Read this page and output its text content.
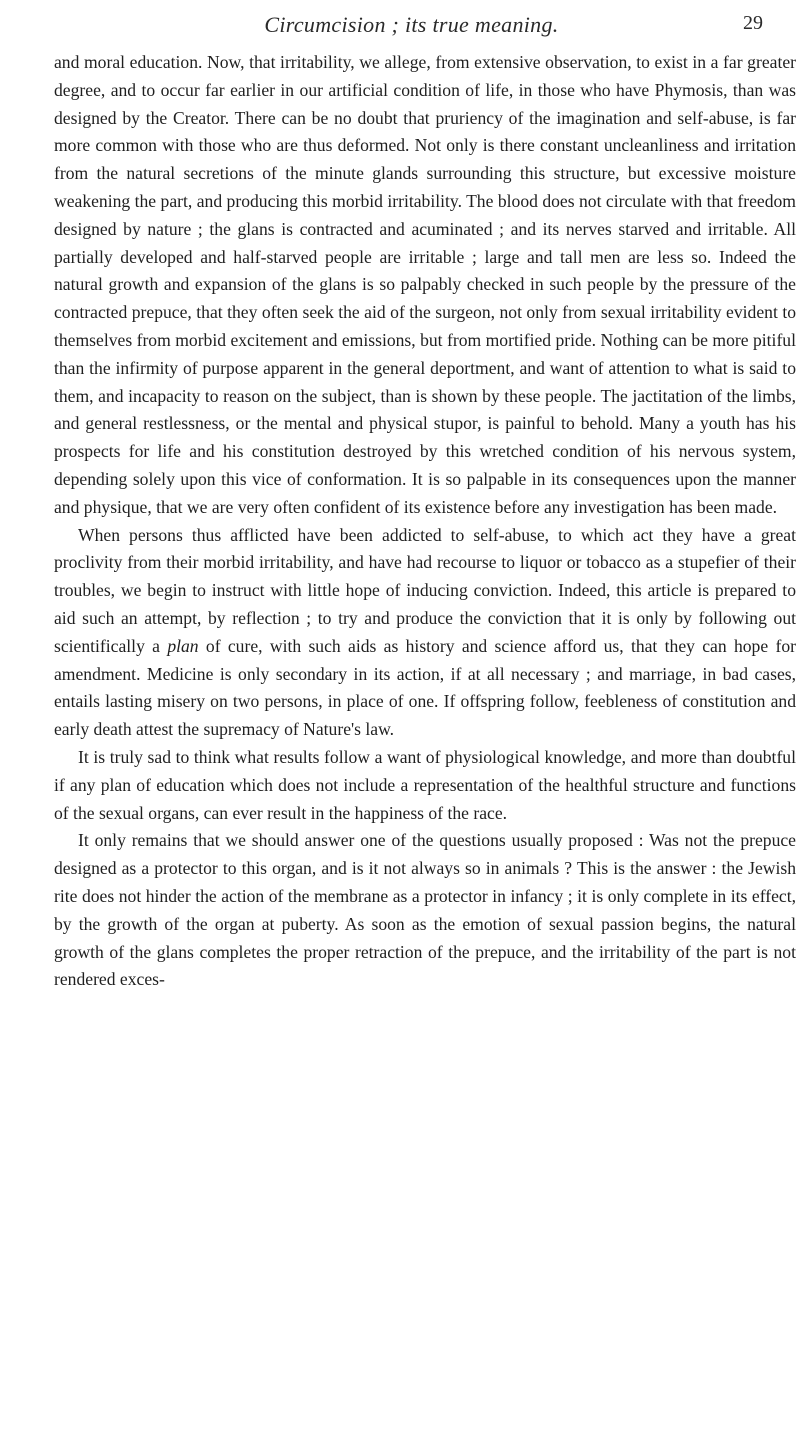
Circumcision ; its true meaning.	29

and moral education. Now, that irritability, we allege, from extensive observation, to exist in a far greater degree, and to occur far earlier in our artificial condition of life, in those who have Phymosis, than was designed by the Creator. There can be no doubt that pruriency of the imagination and self-abuse, is far more common with those who are thus deformed. Not only is there constant uncleanliness and irritation from the natural secretions of the minute glands surrounding this structure, but excessive moisture weakening the part, and producing this morbid irritability. The blood does not circulate with that freedom designed by nature ; the glans is contracted and acuminated ; and its nerves starved and irritable. All partially developed and half-starved people are irritable ; large and tall men are less so. Indeed the natural growth and expansion of the glans is so palpably checked in such people by the pressure of the contracted prepuce, that they often seek the aid of the surgeon, not only from sexual irritability evident to themselves from morbid excitement and emissions, but from mortified pride. Nothing can be more pitiful than the infirmity of purpose apparent in the general deportment, and want of attention to what is said to them, and incapacity to reason on the subject, than is shown by these people. The jactitation of the limbs, and general restlessness, or the mental and physical stupor, is painful to behold. Many a youth has his prospects for life and his constitution destroyed by this wretched condition of his nervous system, depending solely upon this vice of conformation. It is so palpable in its consequences upon the manner and physique, that we are very often confident of its existence before any investigation has been made.

When persons thus afflicted have been addicted to self-abuse, to which act they have a great proclivity from their morbid irritability, and have had recourse to liquor or tobacco as a stupefier of their troubles, we begin to instruct with little hope of inducing conviction. Indeed, this article is prepared to aid such an attempt, by reflection ; to try and produce the conviction that it is only by following out scientifically a plan of cure, with such aids as history and science afford us, that they can hope for amendment. Medicine is only secondary in its action, if at all necessary ; and marriage, in bad cases, entails lasting misery on two persons, in place of one. If offspring follow, feebleness of constitution and early death attest the supremacy of Nature's law.

It is truly sad to think what results follow a want of physiological knowledge, and more than doubtful if any plan of education which does not include a representation of the healthful structure and functions of the sexual organs, can ever result in the happiness of the race.

It only remains that we should answer one of the questions usually proposed : Was not the prepuce designed as a protector to this organ, and is it not always so in animals ? This is the answer : the Jewish rite does not hinder the action of the membrane as a protector in infancy ; it is only complete in its effect, by the growth of the organ at puberty. As soon as the emotion of sexual passion begins, the natural growth of the glans completes the proper retraction of the prepuce, and the irritability of the part is not rendered exces-
